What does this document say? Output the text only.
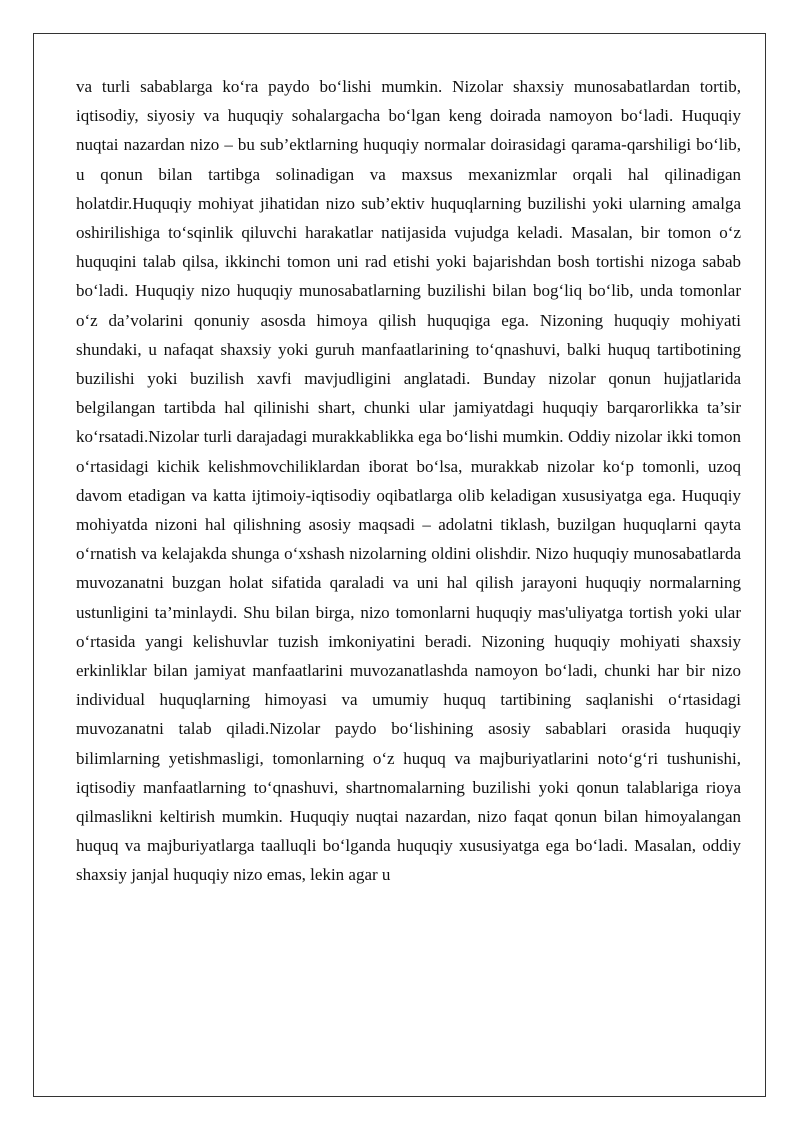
va turli sabablarga ko‘ra paydo bo‘lishi mumkin. Nizolar shaxsiy munosabatlardan tortib, iqtisodiy, siyosiy va huquqiy sohalargacha bo‘lgan keng doirada namoyon bo‘ladi. Huquqiy nuqtai nazardan nizo – bu sub’ektlarning huquqiy normalar doirasidagi qarama-qarshiligi bo‘lib, u qonun bilan tartibga solinadigan va maxsus mexanizmlar orqali hal qilinadigan holatdir.Huquqiy mohiyat jihatidan nizo sub’ektiv huquqlarning buzilishi yoki ularning amalga oshirilishiga to‘sqinlik qiluvchi harakatlar natijasida vujudga keladi. Masalan, bir tomon o‘z huquqini talab qilsa, ikkinchi tomon uni rad etishi yoki bajarishdan bosh tortishi nizoga sabab bo‘ladi. Huquqiy nizo huquqiy munosabatlarning buzilishi bilan bog‘liq bo‘lib, unda tomonlar o‘z da’volarini qonuniy asosda himoya qilish huquqiga ega. Nizoning huquqiy mohiyati shundaki, u nafaqat shaxsiy yoki guruh manfaatlarining to‘qnashuvi, balki huquq tartibotining buzilishi yoki buzilish xavfi mavjudligini anglatadi. Bunday nizolar qonun hujjatlarida belgilangan tartibda hal qilinishi shart, chunki ular jamiyatdagi huquqiy barqarorlikka ta’sir ko‘rsatadi.Nizolar turli darajadagi murakkablikka ega bo‘lishi mumkin. Oddiy nizolar ikki tomon o‘rtasidagi kichik kelishmovchiliklardan iborat bo‘lsa, murakkab nizolar ko‘p tomonli, uzoq davom etadigan va katta ijtimoiy-iqtisodiy oqibatlarga olib keladigan xususiyatga ega. Huquqiy mohiyatda nizoni hal qilishning asosiy maqsadi – adolatni tiklash, buzilgan huquqlarni qayta o‘rnatish va kelajakda shunga o‘xshash nizolarning oldini olishdir. Nizo huquqiy munosabatlarda muvozanatni buzgan holat sifatida qaraladi va uni hal qilish jarayoni huquqiy normalarning ustunligini ta’minlaydi. Shu bilan birga, nizo tomonlarni huquqiy mas'uliyatga tortish yoki ular o‘rtasida yangi kelishuvlar tuzish imkoniyatini beradi. Nizoning huquqiy mohiyati shaxsiy erkinliklar bilan jamiyat manfaatlarini muvozanatlashda namoyon bo‘ladi, chunki har bir nizo individual huquqlarning himoyasi va umumiy huquq tartibining saqlanishi o‘rtasidagi muvozanatni talab qiladi.Nizolar paydo bo‘lishining asosiy sabablari orasida huquqiy bilimlarning yetishmasligi, tomonlarning o‘z huquq va majburiyatlarini noto‘g‘ri tushunishi, iqtisodiy manfaatlarning to‘qnashuvi, shartnomalarning buzilishi yoki qonun talablariga rioya qilmaslikni keltirish mumkin. Huquqiy nuqtai nazardan, nizo faqat qonun bilan himoyalangan huquq va majburiyatlarga taalluqli bo‘lganda huquqiy xususiyatga ega bo‘ladi. Masalan, oddiy shaxsiy janjal huquqiy nizo emas, lekin agar u
